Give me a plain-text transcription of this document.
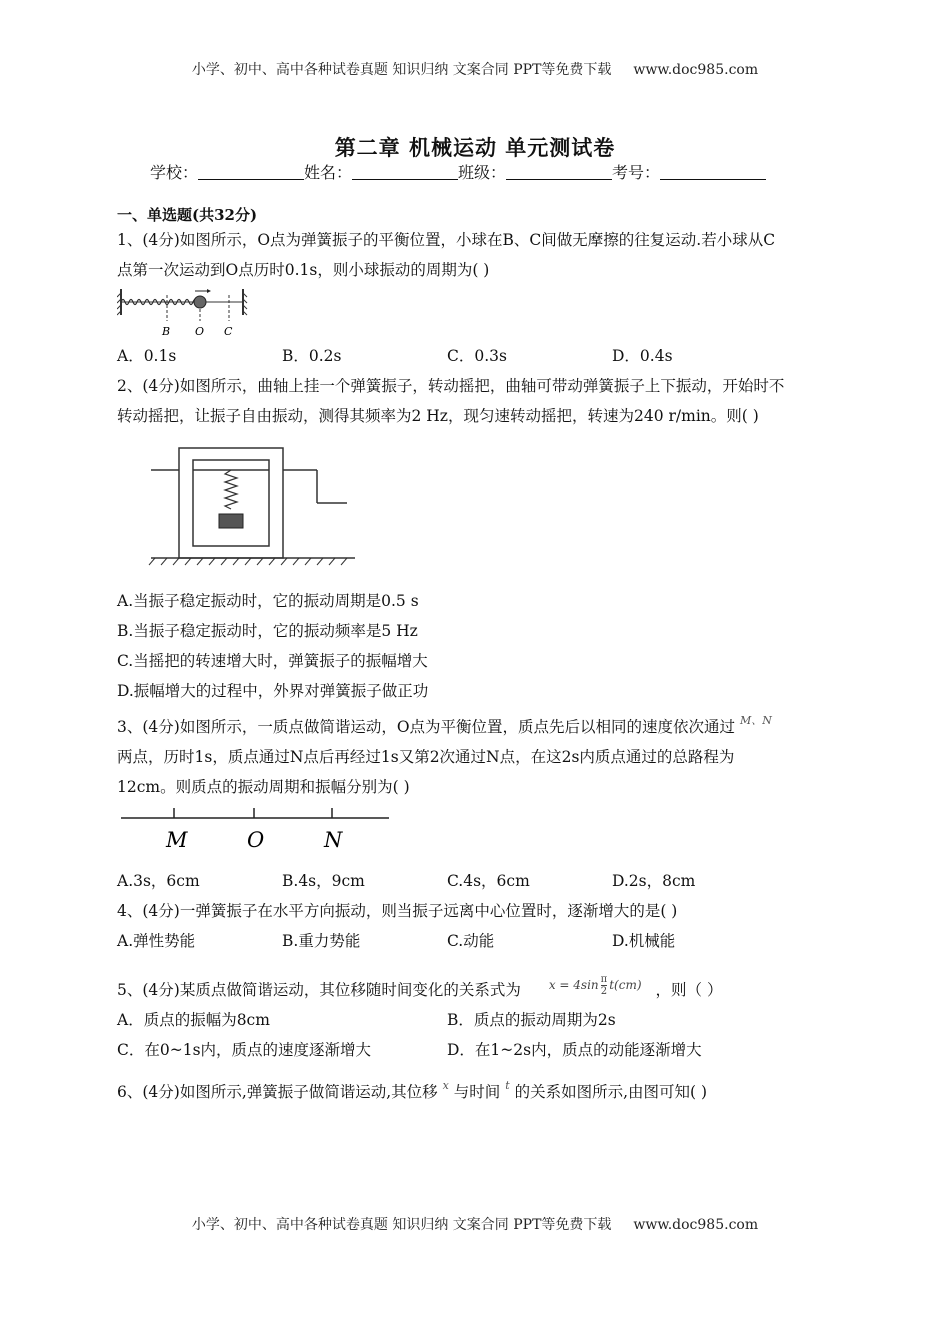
小学、初中、高中各种试卷真题 知识归纳 文案合同 PPT等免费下载 www.doc985.com
第二章 机械运动 单元测试卷
学校：	姓名：	班级：	考号：

一、单选题(共32分)

1、(4分)如图所示，O点为弹簧振子的平衡位置，小球在B、C间做无摩擦的往复运动.若小球从C

点第一次运动到O点历时0.1s，则小球振动的周期为( )

B O C
A．0.1s	B．0.2s	C．0.3s	D．0.4s

2、(4分)如图所示，曲轴上挂一个弹簧振子，转动摇把，曲轴可带动弹簧振子上下振动，开始时不

转动摇把，让振子自由振动，测得其频率为2 Hz，现匀速转动摇把，转速为240 r/min。则( )

A.当振子稳定振动时，它的振动周期是0.5 s

B.当振子稳定振动时，它的振动频率是5 Hz

C.当摇把的转速增大时，弹簧振子的振幅增大

D.振幅增大的过程中，外界对弹簧振子做正功

3、(4分)如图所示，一质点做简谐运动，O点为平衡位置，质点先后以相同的速度依次通过 $^{M、N}$

两点，历时1s，质点通过N点后再经过1s又第2次通过N点，在这2s内质点通过的总路程为

12cm。则质点的振动周期和振幅分别为( )

M	O	N
A.3s，6cm	B.4s，9cm	C.4s，6cm	D.2s，8cm

4、(4分)一弹簧振子在水平方向振动，则当振子远离中心位置时，逐渐增大的是( )

A.弹性势能	B.重力势能	C.动能	D.机械能

5、(4分)某质点做简谐运动，其位移随时间变化的关系式为 $x = 4\sin \frac{\pi}{2} t(cm)$ ，则（ ）

A．质点的振幅为8cm	B．质点的振动周期为2s
C．在0~1s内，质点的速度逐渐增大	D．在1~2s内，质点的动能逐渐增大

6、(4分)如图所示,弹簧振子做简谐运动,其位移 $^x$ 与时间 $^t$ 的关系如图所示,由图可知( )

小学、初中、高中各种试卷真题 知识归纳 文案合同 PPT等免费下载 www.doc985.com
